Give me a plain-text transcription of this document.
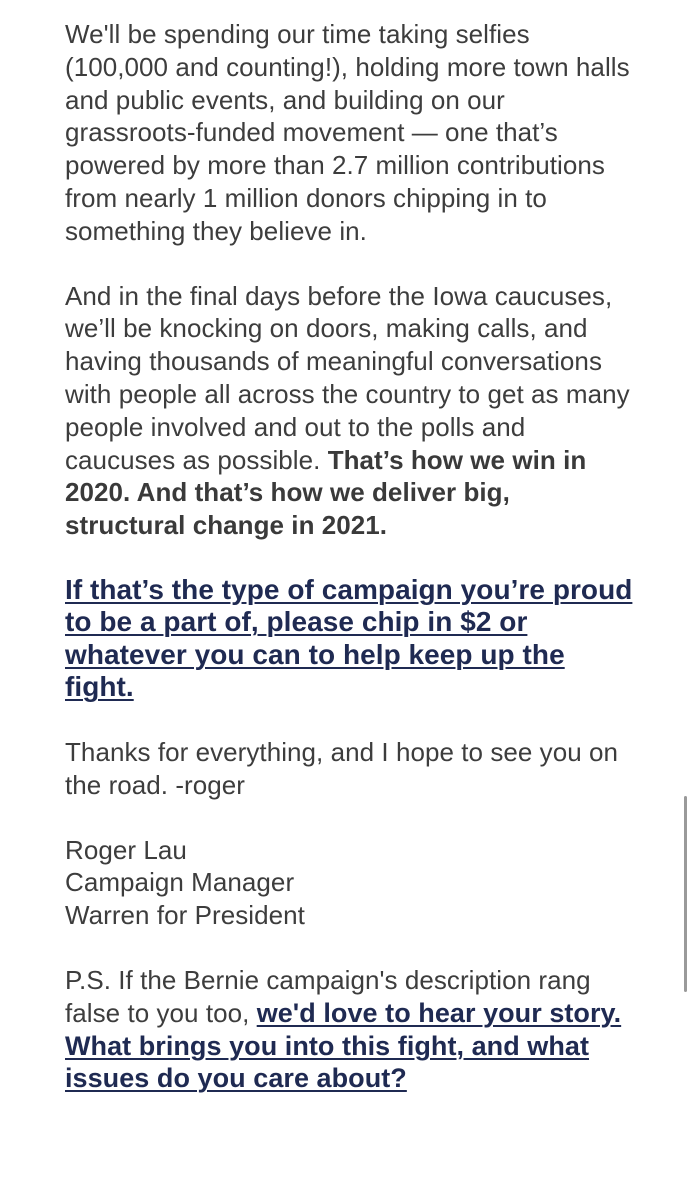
We'll be spending our time taking selfies (100,000 and counting!), holding more town halls and public events, and building on our grassroots-funded movement — one that’s powered by more than 2.7 million contributions from nearly 1 million donors chipping in to something they believe in.

And in the final days before the Iowa caucuses, we’ll be knocking on doors, making calls, and having thousands of meaningful conversations with people all across the country to get as many people involved and out to the polls and caucuses as possible. That’s how we win in 2020. And that’s how we deliver big, structural change in 2021.

If that’s the type of campaign you’re proud to be a part of, please chip in $2 or whatever you can to help keep up the fight.

Thanks for everything, and I hope to see you on the road. -roger

Roger Lau
Campaign Manager
Warren for President

P.S. If the Bernie campaign's description rang false to you too, we'd love to hear your story. What brings you into this fight, and what issues do you care about?
